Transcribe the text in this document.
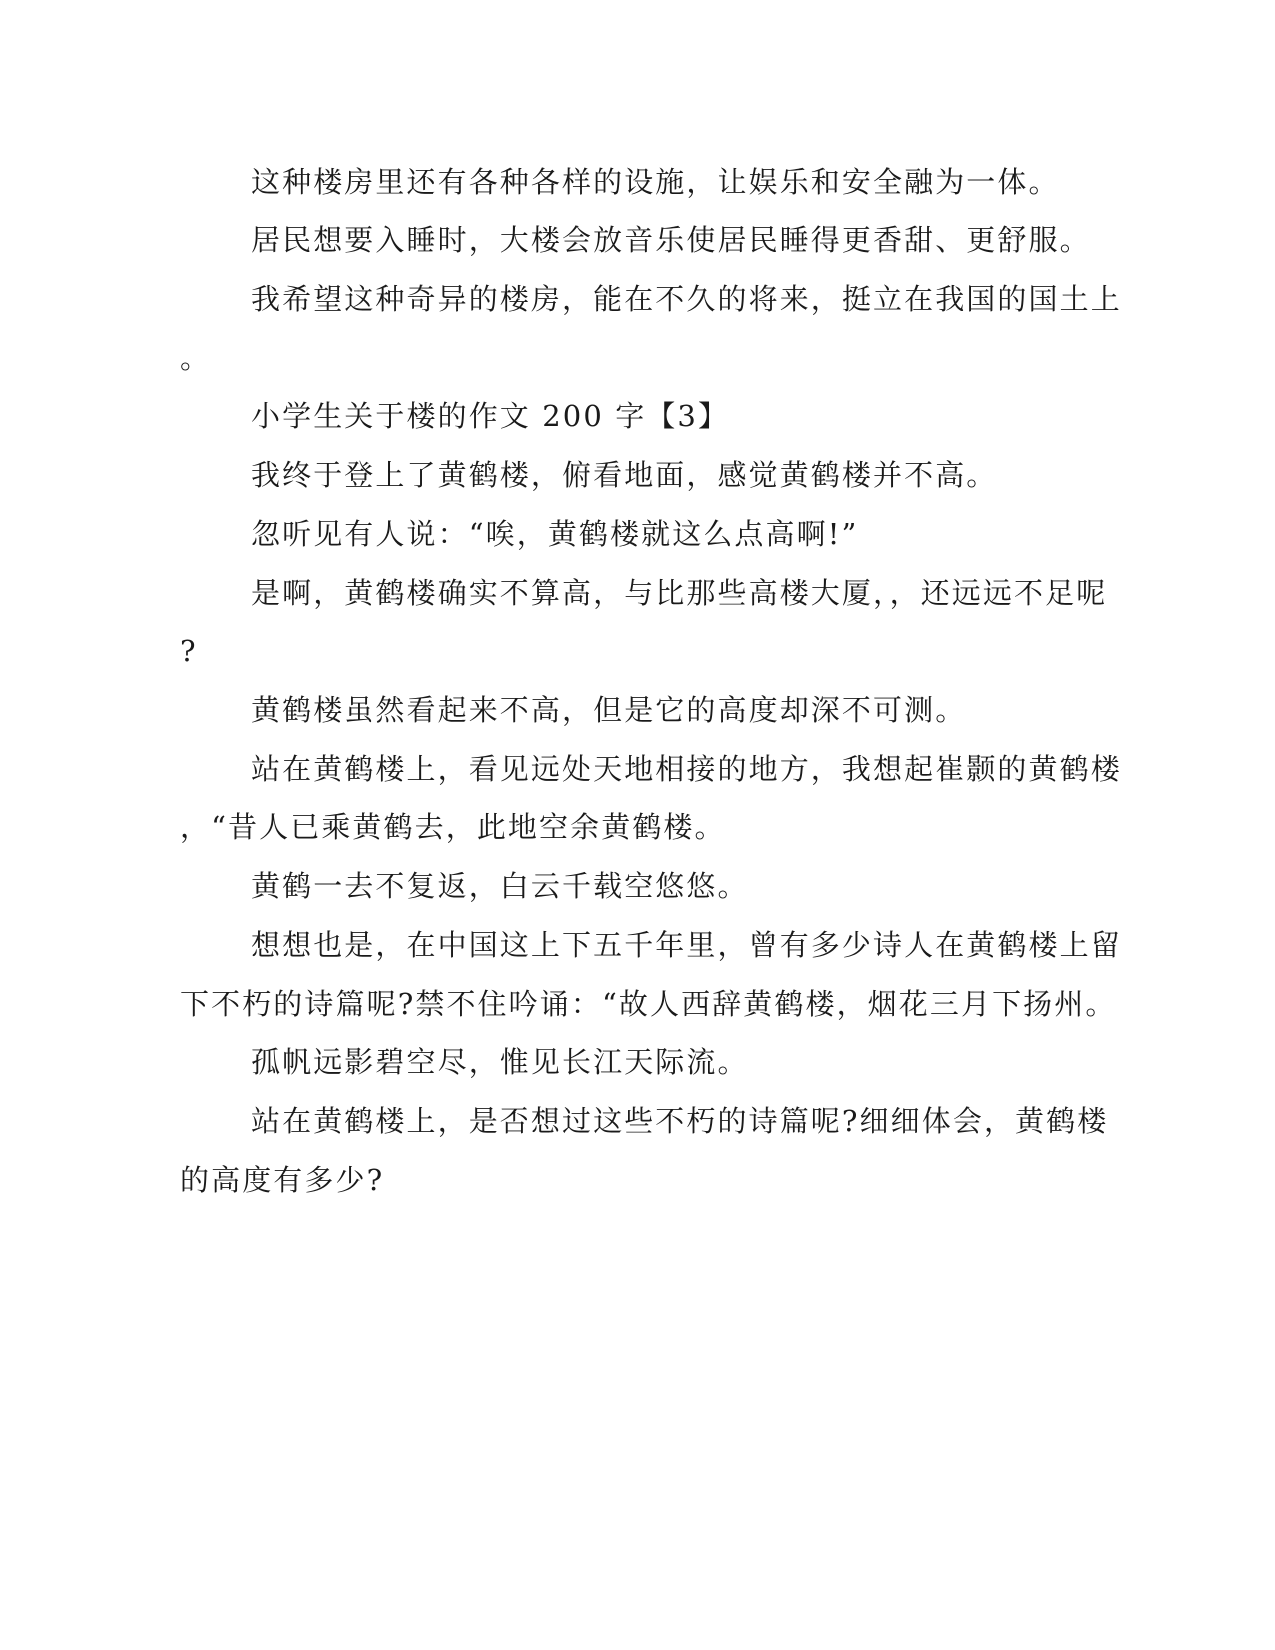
这种楼房里还有各种各样的设施，让娱乐和安全融为一体。
居民想要入睡时，大楼会放音乐使居民睡得更香甜、更舒服。
我希望这种奇异的楼房，能在不久的将来，挺立在我国的国土上
。
小学生关于楼的作文 200 字【3】
我终于登上了黄鹤楼，俯看地面，感觉黄鹤楼并不高。
忽听见有人说：“唉，黄鹤楼就这么点高啊!”
是啊，黄鹤楼确实不算高，与比那些高楼大厦，，还远远不足呢
?
黄鹤楼虽然看起来不高，但是它的高度却深不可测。
站在黄鹤楼上，看见远处天地相接的地方，我想起崔颢的黄鹤楼
，“昔人已乘黄鹤去，此地空余黄鹤楼。
黄鹤一去不复返，白云千载空悠悠。
想想也是，在中国这上下五千年里，曾有多少诗人在黄鹤楼上留
下不朽的诗篇呢?禁不住吟诵：“故人西辞黄鹤楼，烟花三月下扬州。
孤帆远影碧空尽，惟见长江天际流。
站在黄鹤楼上，是否想过这些不朽的诗篇呢?细细体会，黄鹤楼
的高度有多少?
